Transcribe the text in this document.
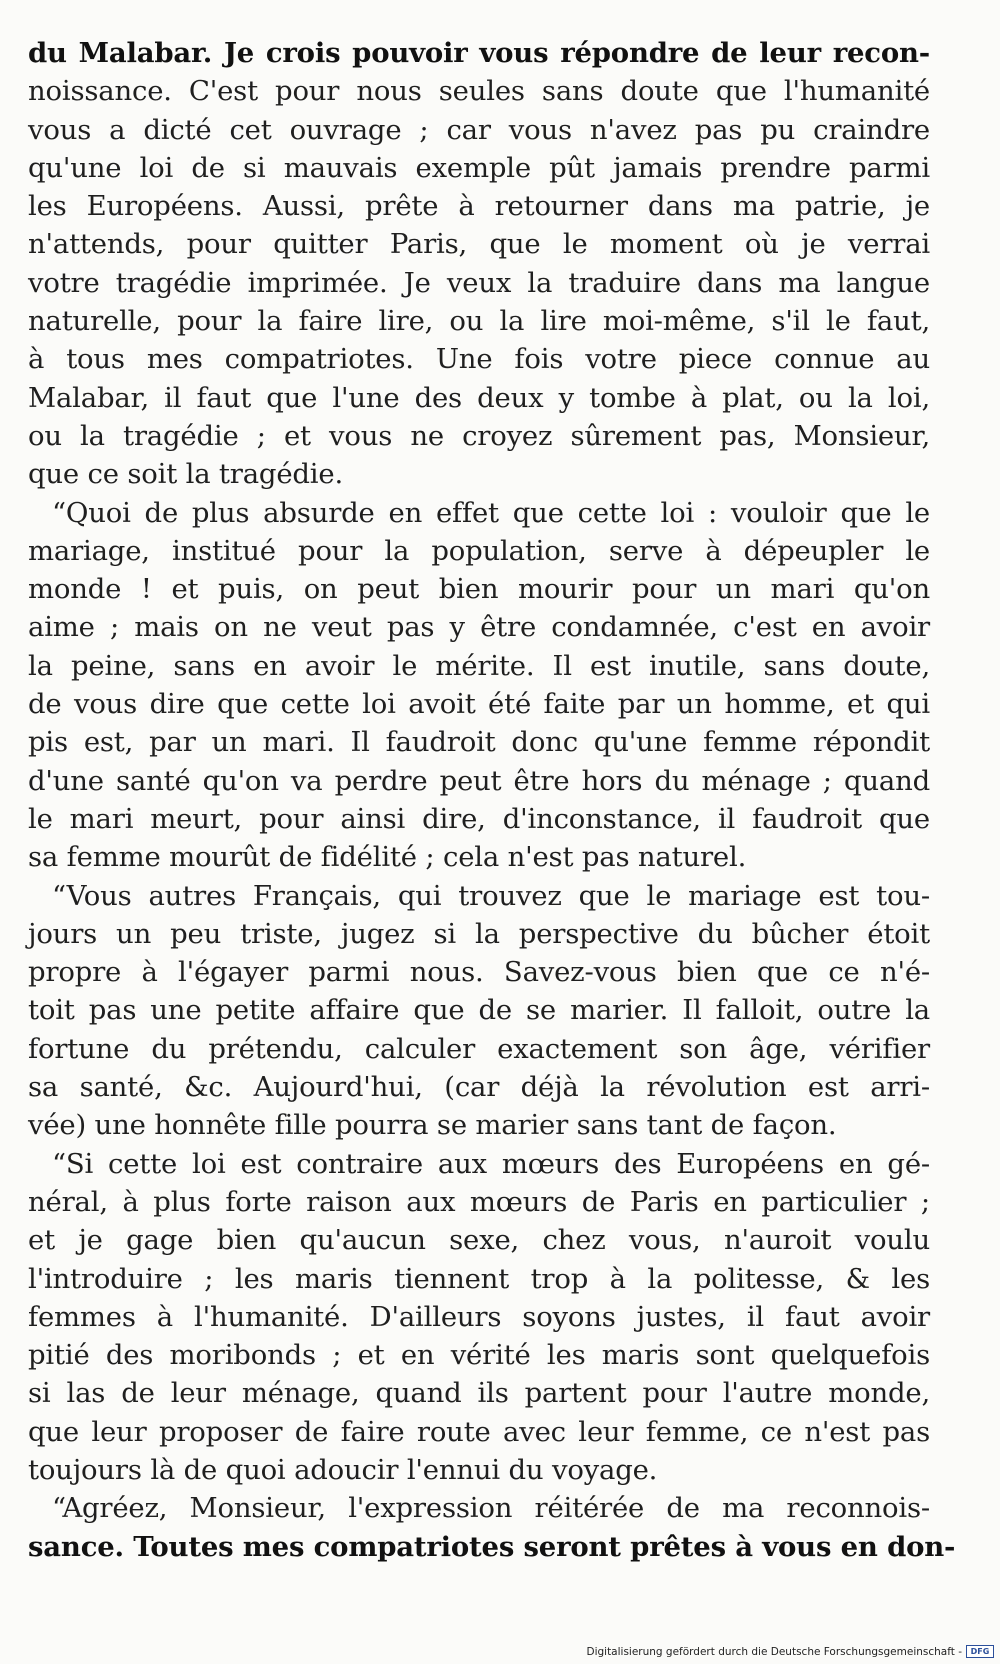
du Malabar. Je crois pouvoir vous répondre de leur recon-
noissance. C'est pour nous seules sans doute que l'humanité
vous a dicté cet ouvrage ; car vous n'avez pas pu craindre
qu'une loi de si mauvais exemple pût jamais prendre parmi
les Européens. Aussi, prête à retourner dans ma patrie, je
n'attends, pour quitter Paris, que le moment où je verrai
votre tragédie imprimée. Je veux la traduire dans ma langue
naturelle, pour la faire lire, ou la lire moi-même, s'il le faut,
à tous mes compatriotes. Une fois votre piece connue au
Malabar, il faut que l'une des deux y tombe à plat, ou la loi,
ou la tragédie ; et vous ne croyez sûrement pas, Monsieur,
que ce soit la tragédie.
“Quoi de plus absurde en effet que cette loi : vouloir que le
mariage, institué pour la population, serve à dépeupler le
monde ! et puis, on peut bien mourir pour un mari qu'on
aime ; mais on ne veut pas y être condamnée, c'est en avoir
la peine, sans en avoir le mérite. Il est inutile, sans doute,
de vous dire que cette loi avoit été faite par un homme, et qui
pis est, par un mari. Il faudroit donc qu'une femme répondit
d'une santé qu'on va perdre peut être hors du ménage ; quand
le mari meurt, pour ainsi dire, d'inconstance, il faudroit que
sa femme mourût de fidélité ; cela n'est pas naturel.
“Vous autres Français, qui trouvez que le mariage est tou-
jours un peu triste, jugez si la perspective du bûcher étoit
propre à l'égayer parmi nous. Savez-vous bien que ce n'é-
toit pas une petite affaire que de se marier. Il falloit, outre la
fortune du prétendu, calculer exactement son âge, vérifier
sa santé, &c. Aujourd'hui, (car déjà la révolution est arri-
vée) une honnête fille pourra se marier sans tant de façon.
“Si cette loi est contraire aux mœurs des Européens en gé-
néral, à plus forte raison aux mœurs de Paris en particulier ;
et je gage bien qu'aucun sexe, chez vous, n'auroit voulu
l'introduire ; les maris tiennent trop à la politesse, & les
femmes à l'humanité. D'ailleurs soyons justes, il faut avoir
pitié des moribonds ; et en vérité les maris sont quelquefois
si las de leur ménage, quand ils partent pour l'autre monde,
que leur proposer de faire route avec leur femme, ce n'est pas
toujours là de quoi adoucir l'ennui du voyage.
“Agréez, Monsieur, l'expression réitérée de ma reconnois-
sance. Toutes mes compatriotes seront prêtes à vous en don-
Digitalisierung gefördert durch die Deutsche Forschungsgemeinschaft -	DFG
